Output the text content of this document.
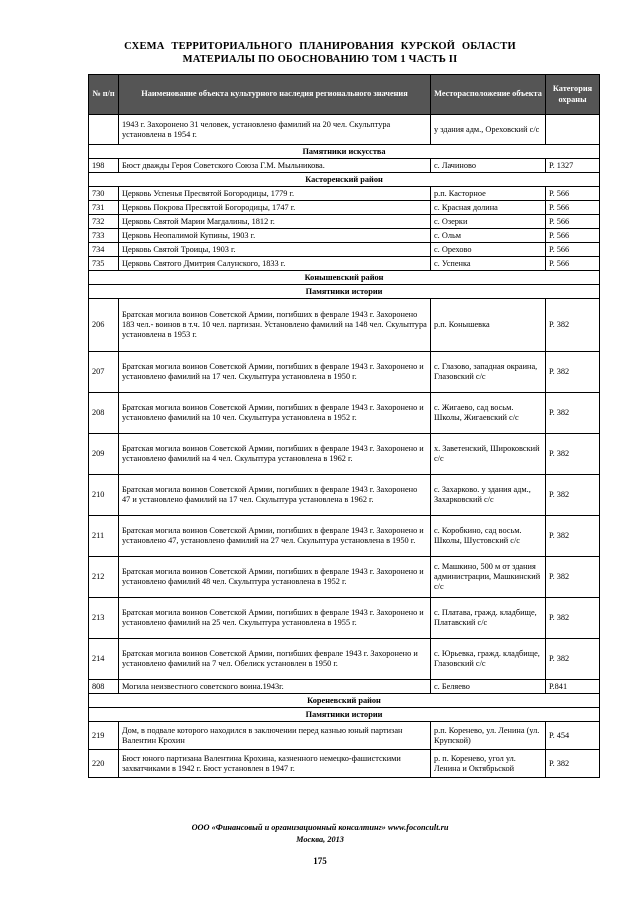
СХЕМА ТЕРРИТОРИАЛЬНОГО ПЛАНИРОВАНИЯ КУРСКОЙ ОБЛАСТИ
МАТЕРИАЛЫ ПО ОБОСНОВАНИЮ ТОМ 1 ЧАСТЬ II
№ п/п	Наименование объекта культурного наследия регионального значения	Месторасположение объекта	Категория охраны
	1943 г. Захоронено 31 человек, установлено фамилий на 20 чел. Скульптура установлена в 1954 г.	у здания адм., Ореховский с/с	
Памятники искусства			
198	Бюст дважды Героя Советского Союза Г.М. Мыльникова.	с. Лачиново	Р. 1327
Касторенский район			
730	Церковь Успенья Пресвятой Богородицы, 1779 г.	р.п. Касторное	Р. 566
731	Церковь Покрова Пресвятой Богородицы, 1747 г.	с. Красная долина	Р. 566
732	Церковь Святой Марии Магдалины, 1812 г.	с. Озерки	Р. 566
733	Церковь Неопалимой Купины, 1903 г.	с. Ольм	Р. 566
734	Церковь Святой Троицы, 1903 г.	с. Орехово	Р. 566
735	Церковь Святого Дмитрия Салунского, 1833 г.	с. Успенка	Р. 566
Конышевский район			
Памятники истории			
206	Братская могила воинов Советской Армии, погибших в феврале 1943 г. Захоронено 183 чел.- воинов в т.ч. 10 чел. партизан. Установлено фамилий на 148 чел. Скульптура установлена в 1953 г.	р.п. Конышевка	Р. 382
207	Братская могила воинов Советской Армии, погибших в феврале 1943 г. Захоронено и установлено фамилий на 17 чел. Скульптура установлена в 1950 г.	с. Глазово, западная окраина, Глазовский с/с	Р. 382
208	Братская могила воинов Советской Армии, погибших в феврале 1943 г. Захоронено и установлено фамилий на 10 чел. Скульптура установлена в 1952 г.	с. Жигаево, сад восьм. Школы, Жигаевский с/с	Р. 382
209	Братская могила воинов Советской Армии, погибших в феврале 1943 г. Захоронено и установлено фамилий на 4 чел. Скульптура установлена в 1962 г.	х. Заветенский, Широковский с/с	Р. 382
210	Братская могила воинов Советской Армии, погибших в феврале 1943 г. Захоронено 47 и установлено фамилий на 17 чел. Скульптура установлена в 1962 г.	с. Захарково. у здания адм., Захарковский с/с	Р. 382
211	Братская могила воинов Советской Армии, погибших в феврале 1943 г. Захоронено и установлено 47, установлено фамилий на 27 чел. Скульптура установлена в 1950 г.	с. Коробкино, сад восьм. Школы, Шустовский с/с	Р. 382
212	Братская могила воинов Советской Армии, погибших в феврале 1943 г. Захоронено и установлено фамилий 48 чел. Скульптура установлена в 1952 г.	с. Машкино, 500 м от здания администрации, Машкинский с/с	Р. 382
213	Братская могила воинов Советской Армии, погибших в феврале 1943 г. Захоронено и установлено фамилий на 25 чел. Скульптура установлена в 1955 г.	с. Платава, гражд. кладбище, Платавский с/с	Р. 382
214	Братская могила воинов Советской Армии, погибших феврале 1943 г. Захоронено и установлено фамилий на 7 чел. Обелиск установлен в 1950 г.	с. Юрьевка, гражд. кладбище, Глазовский с/с	Р. 382
808	Могила неизвестного советского воина.1943г.	с. Беляево	Р.841
Кореневский район			
Памятники истории			
219	Дом, в подвале которого находился в заключении перед казнью юный партизан Валентин Крохин	р.п. Коренево, ул. Ленина (ул. Крупской)	Р. 454
220	Бюст юного партизана Валентина Крохина, казненного немецко-фашистскими захватчиками в 1942 г. Бюст установлен в 1947 г.	р. п. Коренево, угол ул. Ленина и Октябрьской	Р. 382
ООО «Финансовый и организационный консалтинг» www.foconcult.ru
Москва, 2013
175
